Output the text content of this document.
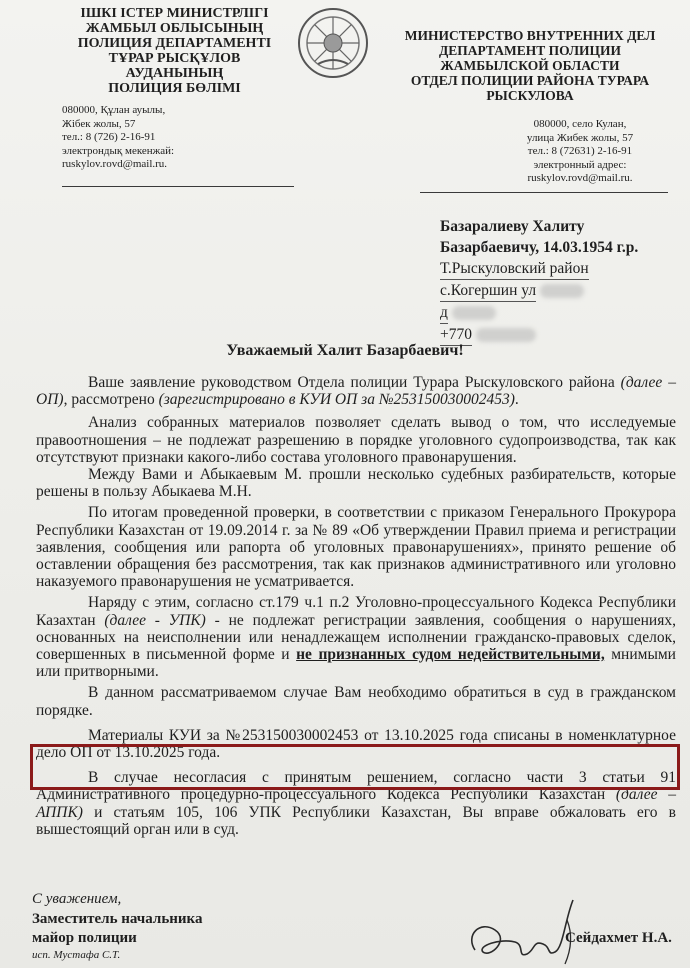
ІШКІ ІСТЕР МИНИСТРЛІГІ
ЖАМБЫЛ ОБЛЫСЫНЫҢ
ПОЛИЦИЯ ДЕПАРТАМЕНТІ
ТҰРАР РЫСҚҰЛОВ АУДАНЫНЫҢ
ПОЛИЦИЯ БӨЛІМІ
МИНИСТЕРСТВО ВНУТРЕННИХ ДЕЛ
ДЕПАРТАМЕНТ ПОЛИЦИИ
ЖАМБЫЛСКОЙ ОБЛАСТИ
ОТДЕЛ ПОЛИЦИИ РАЙОНА ТУРАРА
РЫСКУЛОВА
080000, Құлан ауылы,
Жібек жолы, 57
тел.: 8 (726) 2-16-91
электрондық мекенжай:
ruskylov.rovd@mail.ru.
080000, село Кулан,
улица Жибек жолы, 57
тел.: 8 (72631) 2-16-91
электронный адрес:
ruskylov.rovd@mail.ru.
Базаралиеву Халиту
Базарбаевичу, 14.03.1954 г.р.
Т.Рыскуловский район
с.Когершин ул
д
+770
Уважаемый Халит Базарбаевич!

Ваше заявление руководством Отдела полиции Турара Рыскуловского района (далее – ОП), рассмотрено (зарегистрировано в КУИ ОП за №253150030002453).

Анализ собранных материалов позволяет сделать вывод о том, что исследуемые правоотношения – не подлежат разрешению в порядке уголовного судопроизводства, так как отсутствуют признаки какого-либо состава уголовного правонарушения.

Между Вами и Абыкаевым М. прошли несколько судебных разбирательств, которые решены в пользу Абыкаева М.Н.

По итогам проведенной проверки, в соответствии с приказом Генерального Прокурора Республики Казахстан от 19.09.2014 г. за № 89 «Об утверждении Правил приема и регистрации заявления, сообщения или рапорта об уголовных правонарушениях», принято решение об оставлении обращения без рассмотрения, так как признаков административного или уголовно наказуемого правонарушения не усматривается.

Наряду с этим, согласно ст.179 ч.1 п.2 Уголовно-процессуального Кодекса Республики Казахтан (далее - УПК) - не подлежат регистрации заявления, сообщения о нарушениях, основанных на неисполнении или ненадлежащем исполнении гражданско-правовых сделок, совершенных в письменной форме и не признанных судом недействительными, мнимыми или притворными.

В данном рассматриваемом случае Вам необходимо обратиться в суд в гражданском порядке.

Материалы КУИ за №253150030002453 от 13.10.2025 года списаны в номенклатурное дело ОП от 13.10.2025 года.

В случае несогласия с принятым решением, согласно части 3 статьи 91 Административного процедурно-процессуального Кодекса Республики Казахстан (далее – АППК) и статьям 105, 106 УПК Республики Казахстан, Вы вправе обжаловать его в вышестоящий орган или в суд.

С уважением,
Заместитель начальника
майор полиции
исп. Мустафа С.Т.
Сейдахмет Н.А.
